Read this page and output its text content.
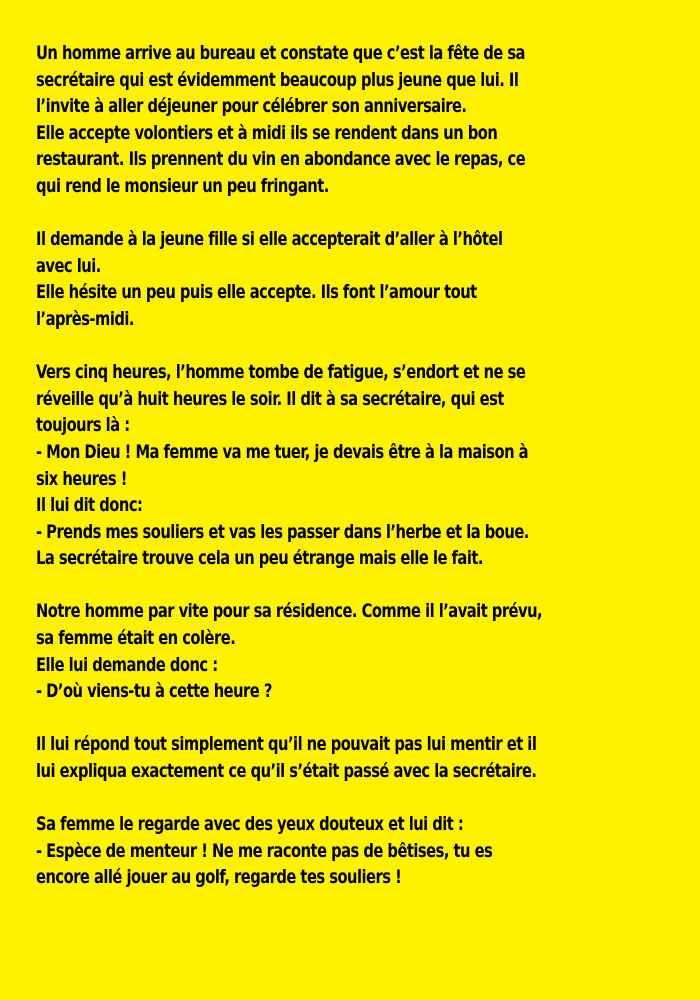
Un homme arrive au bureau et constate que c’est la fête de sa
secrétaire qui est évidemment beaucoup plus jeune que lui. Il
l’invite à aller déjeuner pour célébrer son anniversaire.
Elle accepte volontiers et à midi ils se rendent dans un bon
restaurant. Ils prennent du vin en abondance avec le repas, ce
qui rend le monsieur un peu fringant.

Il demande à la jeune fille si elle accepterait d’aller à l’hôtel
avec lui.
Elle hésite un peu puis elle accepte. Ils font l’amour tout
l’après-midi.

Vers cinq heures, l’homme tombe de fatigue, s’endort et ne se
réveille qu’à huit heures le soir. Il dit à sa secrétaire, qui est
toujours là :
- Mon Dieu ! Ma femme va me tuer, je devais être à la maison à
six heures !
Il lui dit donc:
- Prends mes souliers et vas les passer dans l’herbe et la boue.
La secrétaire trouve cela un peu étrange mais elle le fait.

Notre homme par vite pour sa résidence. Comme il l’avait prévu,
sa femme était en colère.
Elle lui demande donc :
- D’où viens-tu à cette heure ?

Il lui répond tout simplement qu’il ne pouvait pas lui mentir et il
lui expliqua exactement ce qu’il s’était passé avec la secrétaire.

Sa femme le regarde avec des yeux douteux et lui dit :
- Espèce de menteur ! Ne me raconte pas de bêtises, tu es
encore allé jouer au golf, regarde tes souliers !
